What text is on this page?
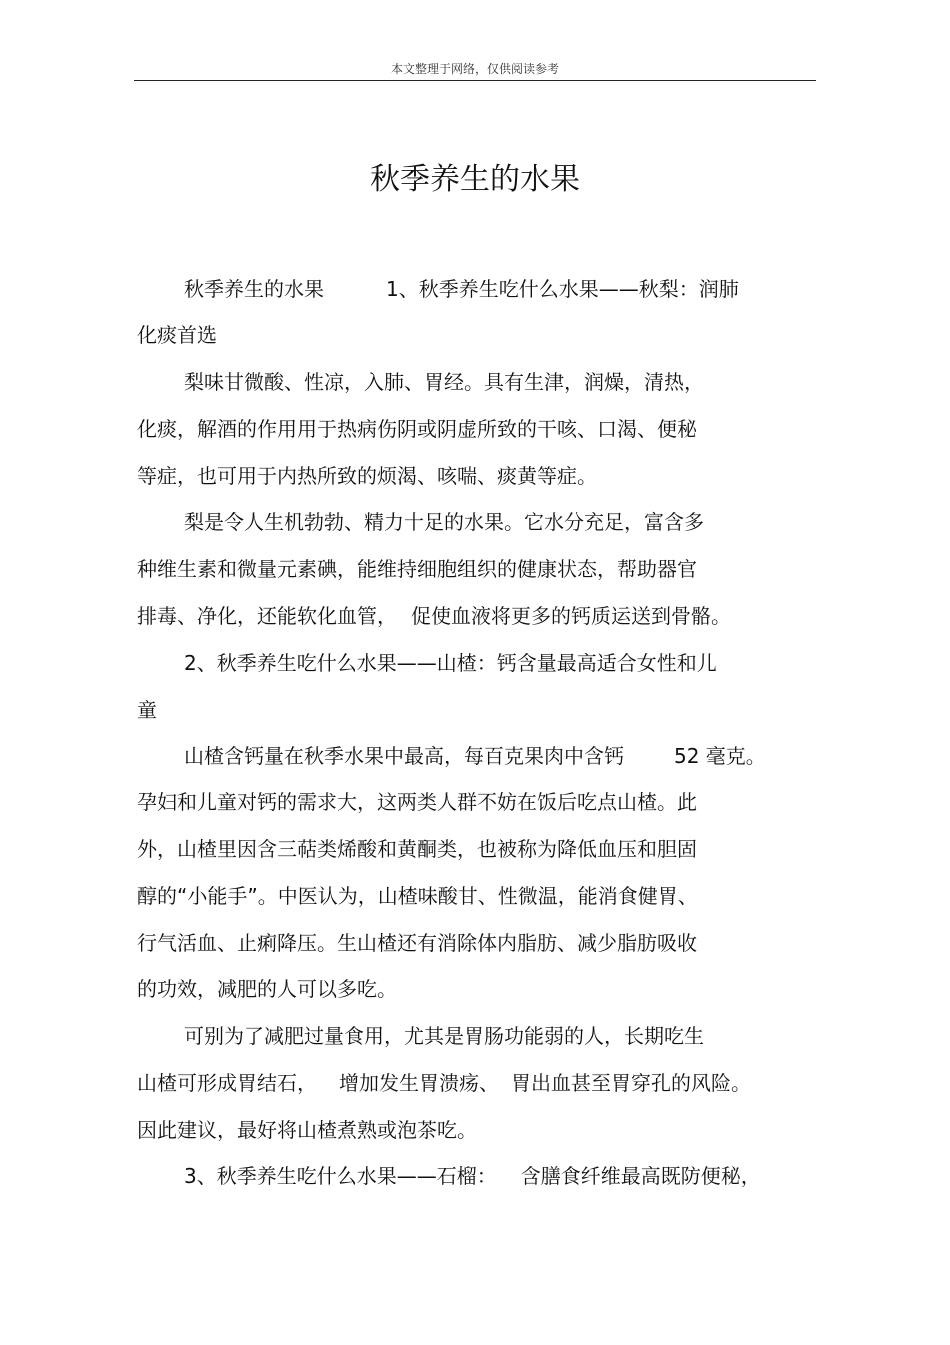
本文整理于网络，仅供阅读参考
秋季养生的水果
秋季养生的水果	1、秋季养生吃什么水果——秋梨：润肺
化痰首选
梨味甘微酸、性凉，入肺、胃经。具有生津，润燥，清热，
化痰，解酒的作用用于热病伤阴或阴虚所致的干咳、口渴、便秘
等症，也可用于内热所致的烦渴、咳喘、痰黄等症。
梨是令人生机勃勃、精力十足的水果。它水分充足，富含多
种维生素和微量元素碘，能维持细胞组织的健康状态，帮助器官
排毒、净化，还能软化血管， 促使血液将更多的钙质运送到骨骼。
2、秋季养生吃什么水果——山楂：钙含量最高适合女性和儿
童
山楂含钙量在秋季水果中最高，每百克果肉中含钙	52 毫克。
孕妇和儿童对钙的需求大，这两类人群不妨在饭后吃点山楂。此
外，山楂里因含三萜类烯酸和黄酮类，也被称为降低血压和胆固
醇的“小能手”。中医认为，山楂味酸甘、性微温，能消食健胃、
行气活血、止痢降压。生山楂还有消除体内脂肪、减少脂肪吸收
的功效，减肥的人可以多吃。
可别为了减肥过量食用，尤其是胃肠功能弱的人，长期吃生
山楂可形成胃结石， 增加发生胃溃疡、 胃出血甚至胃穿孔的风险。
因此建议，最好将山楂煮熟或泡茶吃。
3、秋季养生吃什么水果——石榴： 含膳食纤维最高既防便秘，
